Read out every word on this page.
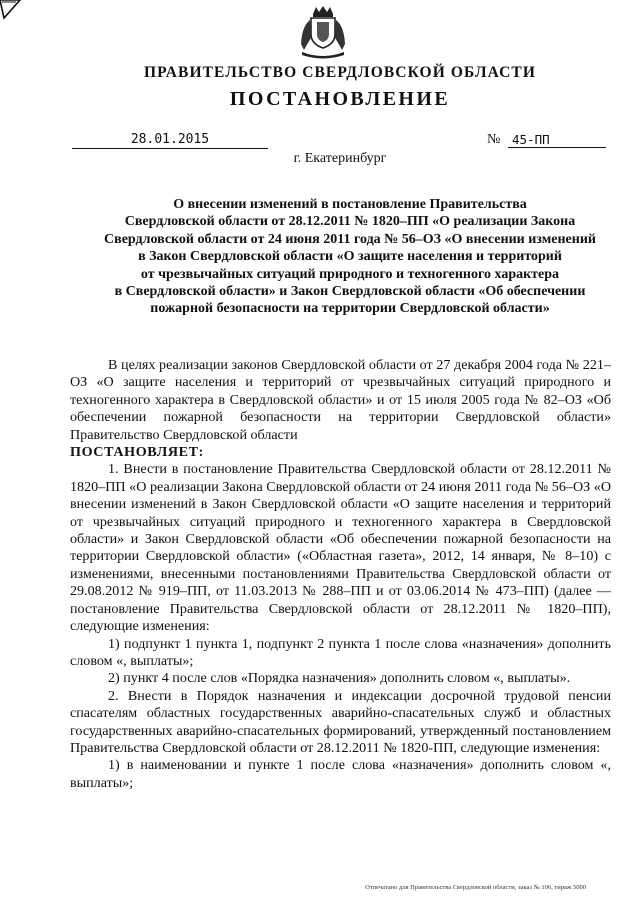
ПРАВИТЕЛЬСТВО СВЕРДЛОВСКОЙ ОБЛАСТИ
ПОСТАНОВЛЕНИЕ
28.01.2015	№ 45-ПП
г. Екатеринбург
О внесении изменений в постановление Правительства
Свердловской области от 28.12.2011 № 1820–ПП «О реализации Закона
Свердловской области от 24 июня 2011 года № 56–ОЗ «О внесении изменений
в Закон Свердловской области «О защите населения и территорий
от чрезвычайных ситуаций природного и техногенного характера
в Свердловской области» и Закон Свердловской области «Об обеспечении
пожарной безопасности на территории Свердловской области»

В целях реализации законов Свердловской области от 27 декабря 2004 года № 221–ОЗ «О защите населения и территорий от чрезвычайных ситуаций природного и техногенного характера в Свердловской области» и от 15 июля 2005 года № 82–ОЗ «Об обеспечении пожарной безопасности на территории Свердловской области» Правительство Свердловской области

ПОСТАНОВЛЯЕТ:

1. Внести в постановление Правительства Свердловской области от 28.12.2011 № 1820–ПП «О реализации Закона Свердловской области от 24 июня 2011 года № 56–ОЗ «О внесении изменений в Закон Свердловской области «О защите населения и территорий от чрезвычайных ситуаций природного и техногенного характера в Свердловской области» и Закон Свердловской области «Об обеспечении пожарной безопасности на территории Свердловской области» («Областная газета», 2012, 14 января, № 8–10) с изменениями, внесенными постановлениями Правительства Свердловской области от 29.08.2012 № 919–ПП, от 11.03.2013 № 288–ПП и от 03.06.2014 № 473–ПП) (далее — постановление Правительства Свердловской области от 28.12.2011 № 1820–ПП), следующие изменения:

1) подпункт 1 пункта 1, подпункт 2 пункта 1 после слова «назначения» дополнить словом «, выплаты»;

2) пункт 4 после слов «Порядка назначения» дополнить словом «, выплаты».

2. Внести в Порядок назначения и индексации досрочной трудовой пенсии спасателям областных государственных аварийно-спасательных служб и областных государственных аварийно-спасательных формирований, утвержденный постановлением Правительства Свердловской области от 28.12.2011 № 1820-ПП, следующие изменения:

1) в наименовании и пункте 1 после слова «назначения» дополнить словом «, выплаты»;

Отпечатано для Правительства Свердловской области, заказ № 106, тираж 5000
